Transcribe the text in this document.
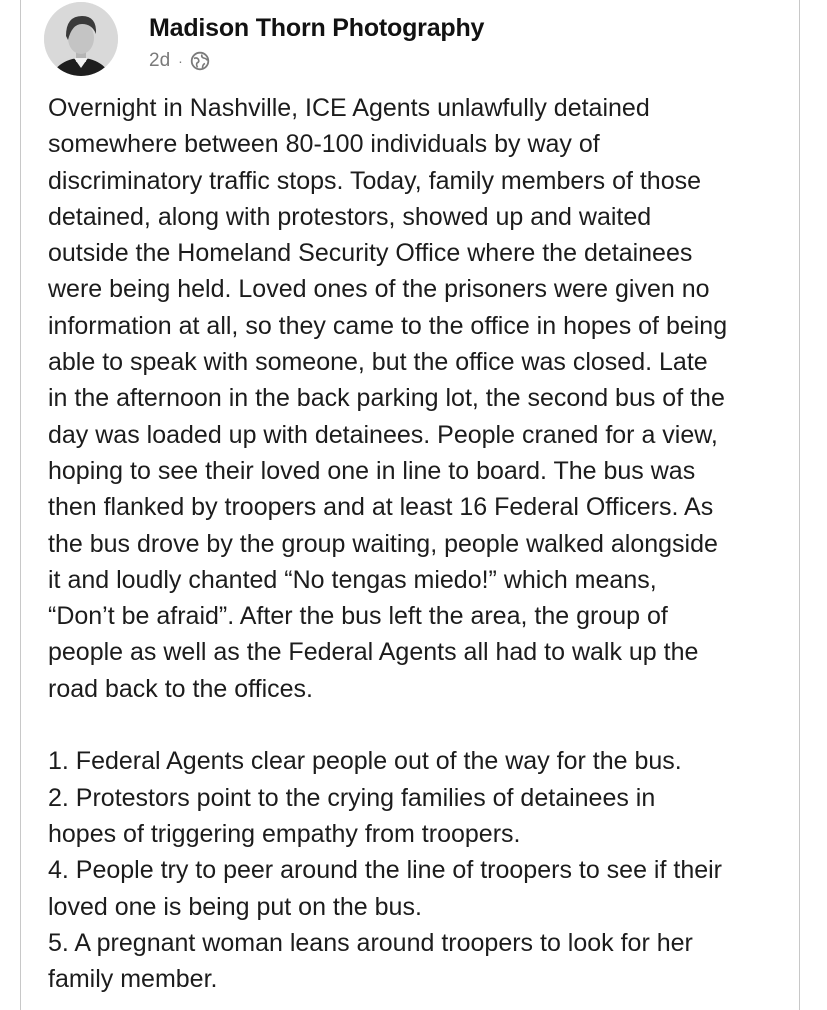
Madison Thorn Photography
2d ·
Overnight in Nashville, ICE Agents unlawfully detained
somewhere between 80-100 individuals by way of
discriminatory traffic stops. Today, family members of those
detained, along with protestors, showed up and waited
outside the Homeland Security Office where the detainees
were being held. Loved ones of the prisoners were given no
information at all, so they came to the office in hopes of being
able to speak with someone, but the office was closed. Late
in the afternoon in the back parking lot, the second bus of the
day was loaded up with detainees. People craned for a view,
hoping to see their loved one in line to board. The bus was
then flanked by troopers and at least 16 Federal Officers. As
the bus drove by the group waiting, people walked alongside
it and loudly chanted “No tengas miedo!” which means,
“Don’t be afraid”. After the bus left the area, the group of
people as well as the Federal Agents all had to walk up the
road back to the offices.
1. Federal Agents clear people out of the way for the bus.
2. Protestors point to the crying families of detainees in
hopes of triggering empathy from troopers.
4. People try to peer around the line of troopers to see if their
loved one is being put on the bus.
5. A pregnant woman leans around troopers to look for her
family member.
